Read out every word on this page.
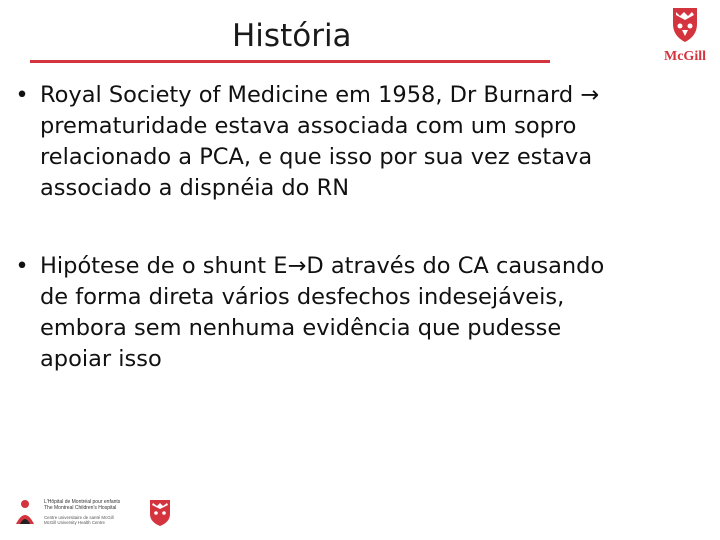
História
McGill
• Royal Society of Medicine em 1958, Dr Burnard →
prematuridade estava associada com um sopro
relacionado a PCA, e que isso por sua vez estava
associado a dispnéia do RN
• Hipótese de o shunt E→D através do CA causando
de forma direta vários desfechos indesejáveis,
embora sem nenhuma evidência que pudesse
apoiar isso
L'Hôpital de Montréal pour enfants
The Montreal Children's Hospital
Centre universitaire de santé McGill
McGill University Health Centre
